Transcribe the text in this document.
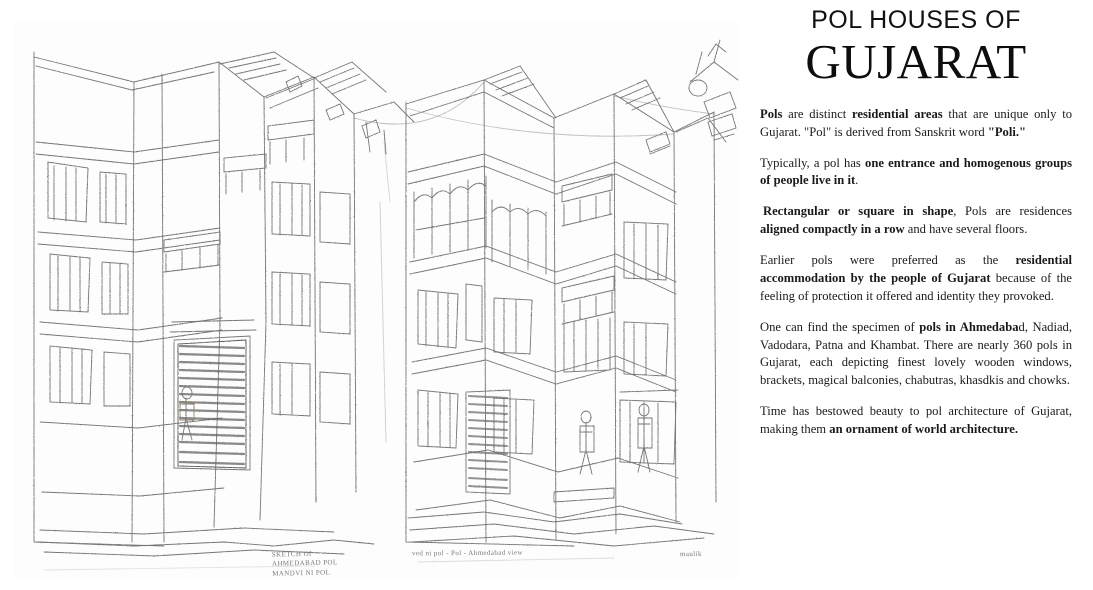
SKETCH Of
AHMEDABAD POL
MANDVI NI POL
ved ni pol - Pol - Ahmedabad view	maulik
POL HOUSES OF
GUJARAT

Pols are distinct residential areas that are unique only to Gujarat. "Pol" is derived from Sanskrit word "Poli."

Typically, a pol has one entrance and homogenous groups of people live in it.

Rectangular or square in shape, Pols are residences aligned compactly in a row and have several floors.

Earlier pols were preferred as the residential accommodation by the people of Gujarat because of the feeling of protection it offered and identity they provoked.

One can find the specimen of pols in Ahmedabad, Nadiad, Vadodara, Patna and Khambat. There are nearly 360 pols in Gujarat, each depicting finest lovely wooden windows, brackets, magical balconies, chabutras, khasdkis and chowks.

Time has bestowed beauty to pol architecture of Gujarat, making them an ornament of world architecture.
